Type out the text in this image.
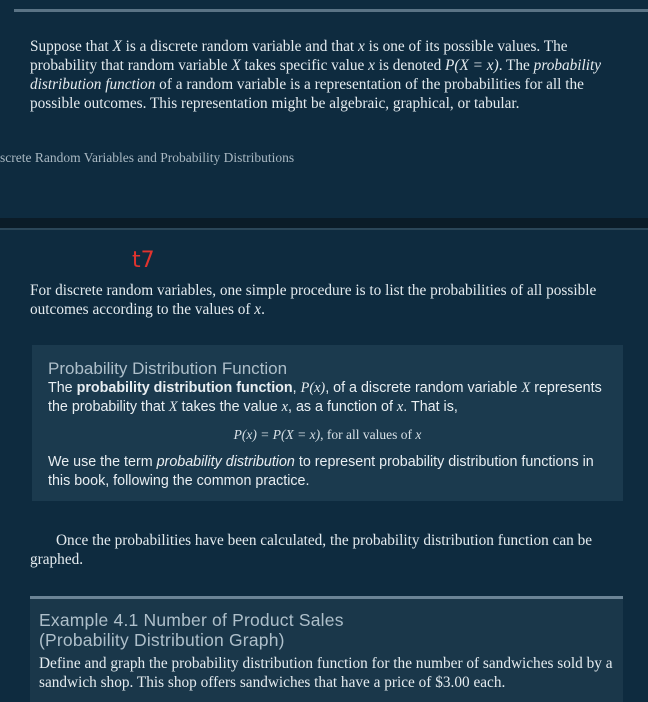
Suppose that X is a discrete random variable and that x is one of its possible values. The probability that random variable X takes specific value x is denoted P(X = x). The probability distribution function of a random variable is a representation of the probabilities for all the possible outcomes. This representation might be algebraic, graphical, or tabular.
screte Random Variables and Probability Distributions
t7
For discrete random variables, one simple procedure is to list the probabilities of all possible outcomes according to the values of x.
Probability Distribution Function
The probability distribution function, P(x), of a discrete random variable X represents the probability that X takes the value x, as a function of x. That is,
P(x) = P(X = x), for all values of x
We use the term probability distribution to represent probability distribution functions in this book, following the common practice.
Once the probabilities have been calculated, the probability distribution function can be graphed.
Example 4.1 Number of Product Sales
(Probability Distribution Graph)
Define and graph the probability distribution function for the number of sandwiches sold by a sandwich shop. This shop offers sandwiches that have a price of $3.00 each.
